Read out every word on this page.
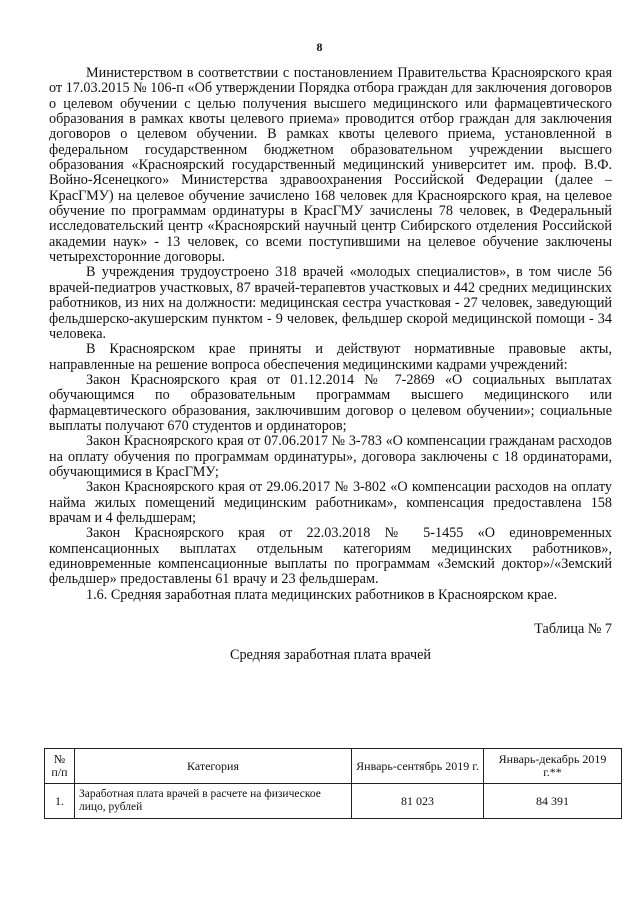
8

Министерством в соответствии с постановлением Правительства Красноярского края от 17.03.2015 № 106-п «Об утверждении Порядка отбора граждан для заключения договоров о целевом обучении с целью получения высшего медицинского или фармацевтического образования в рамках квоты целевого приема» проводится отбор граждан для заключения договоров о целевом обучении. В рамках квоты целевого приема, установленной в федеральном государственном бюджетном образовательном учреждении высшего образования «Красноярский государственный медицинский университет им. проф. В.Ф. Войно-Ясенецкого» Министерства здравоохранения Российской Федерации (далее – КрасГМУ) на целевое обучение зачислено 168 человек для Красноярского края, на целевое обучение по программам ординатуры в КрасГМУ зачислены 78 человек, в Федеральный исследовательский центр «Красноярский научный центр Сибирского отделения Российской академии наук» - 13 человек, со всеми поступившими на целевое обучение заключены четырехсторонние договоры.

В учреждения трудоустроено 318 врачей «молодых специалистов», в том числе 56 врачей-педиатров участковых, 87 врачей-терапевтов участковых и 442 средних медицинских работников, из них на должности: медицинская сестра участковая - 27 человек, заведующий фельдшерско-акушерским пунктом - 9 человек, фельдшер скорой медицинской помощи - 34 человека.

В Красноярском крае приняты и действуют нормативные правовые акты, направленные на решение вопроса обеспечения медицинскими кадрами учреждений:

Закон Красноярского края от 01.12.2014 № 7-2869 «О социальных выплатах обучающимся по образовательным программам высшего медицинского или фармацевтического образования, заключившим договор о целевом обучении»; социальные выплаты получают 670 студентов и ординаторов;

Закон Красноярского края от 07.06.2017 № 3-783 «О компенсации гражданам расходов на оплату обучения по программам ординатуры», договора заключены с 18 ординаторами, обучающимися в КрасГМУ;

Закон Красноярского края от 29.06.2017 № 3-802 «О компенсации расходов на оплату найма жилых помещений медицинским работникам», компенсация предоставлена 158 врачам и 4 фельдшерам;

Закон Красноярского края от 22.03.2018 № 5-1455 «О единовременных компенсационных выплатах отдельным категориям медицинских работников», единовременные компенсационные выплаты по программам «Земский доктор»/«Земский фельдшер» предоставлены 61 врачу и 23 фельдшерам.

1.6. Средняя заработная плата медицинских работников в Красноярском крае.

Таблица № 7
Средняя заработная плата врачей
№ п/п	Категория	Январь-сентябрь 2019 г.	Январь-декабрь 2019 г.**
1.	Заработная плата врачей в расчете на физическое лицо, рублей	81 023	84 391
